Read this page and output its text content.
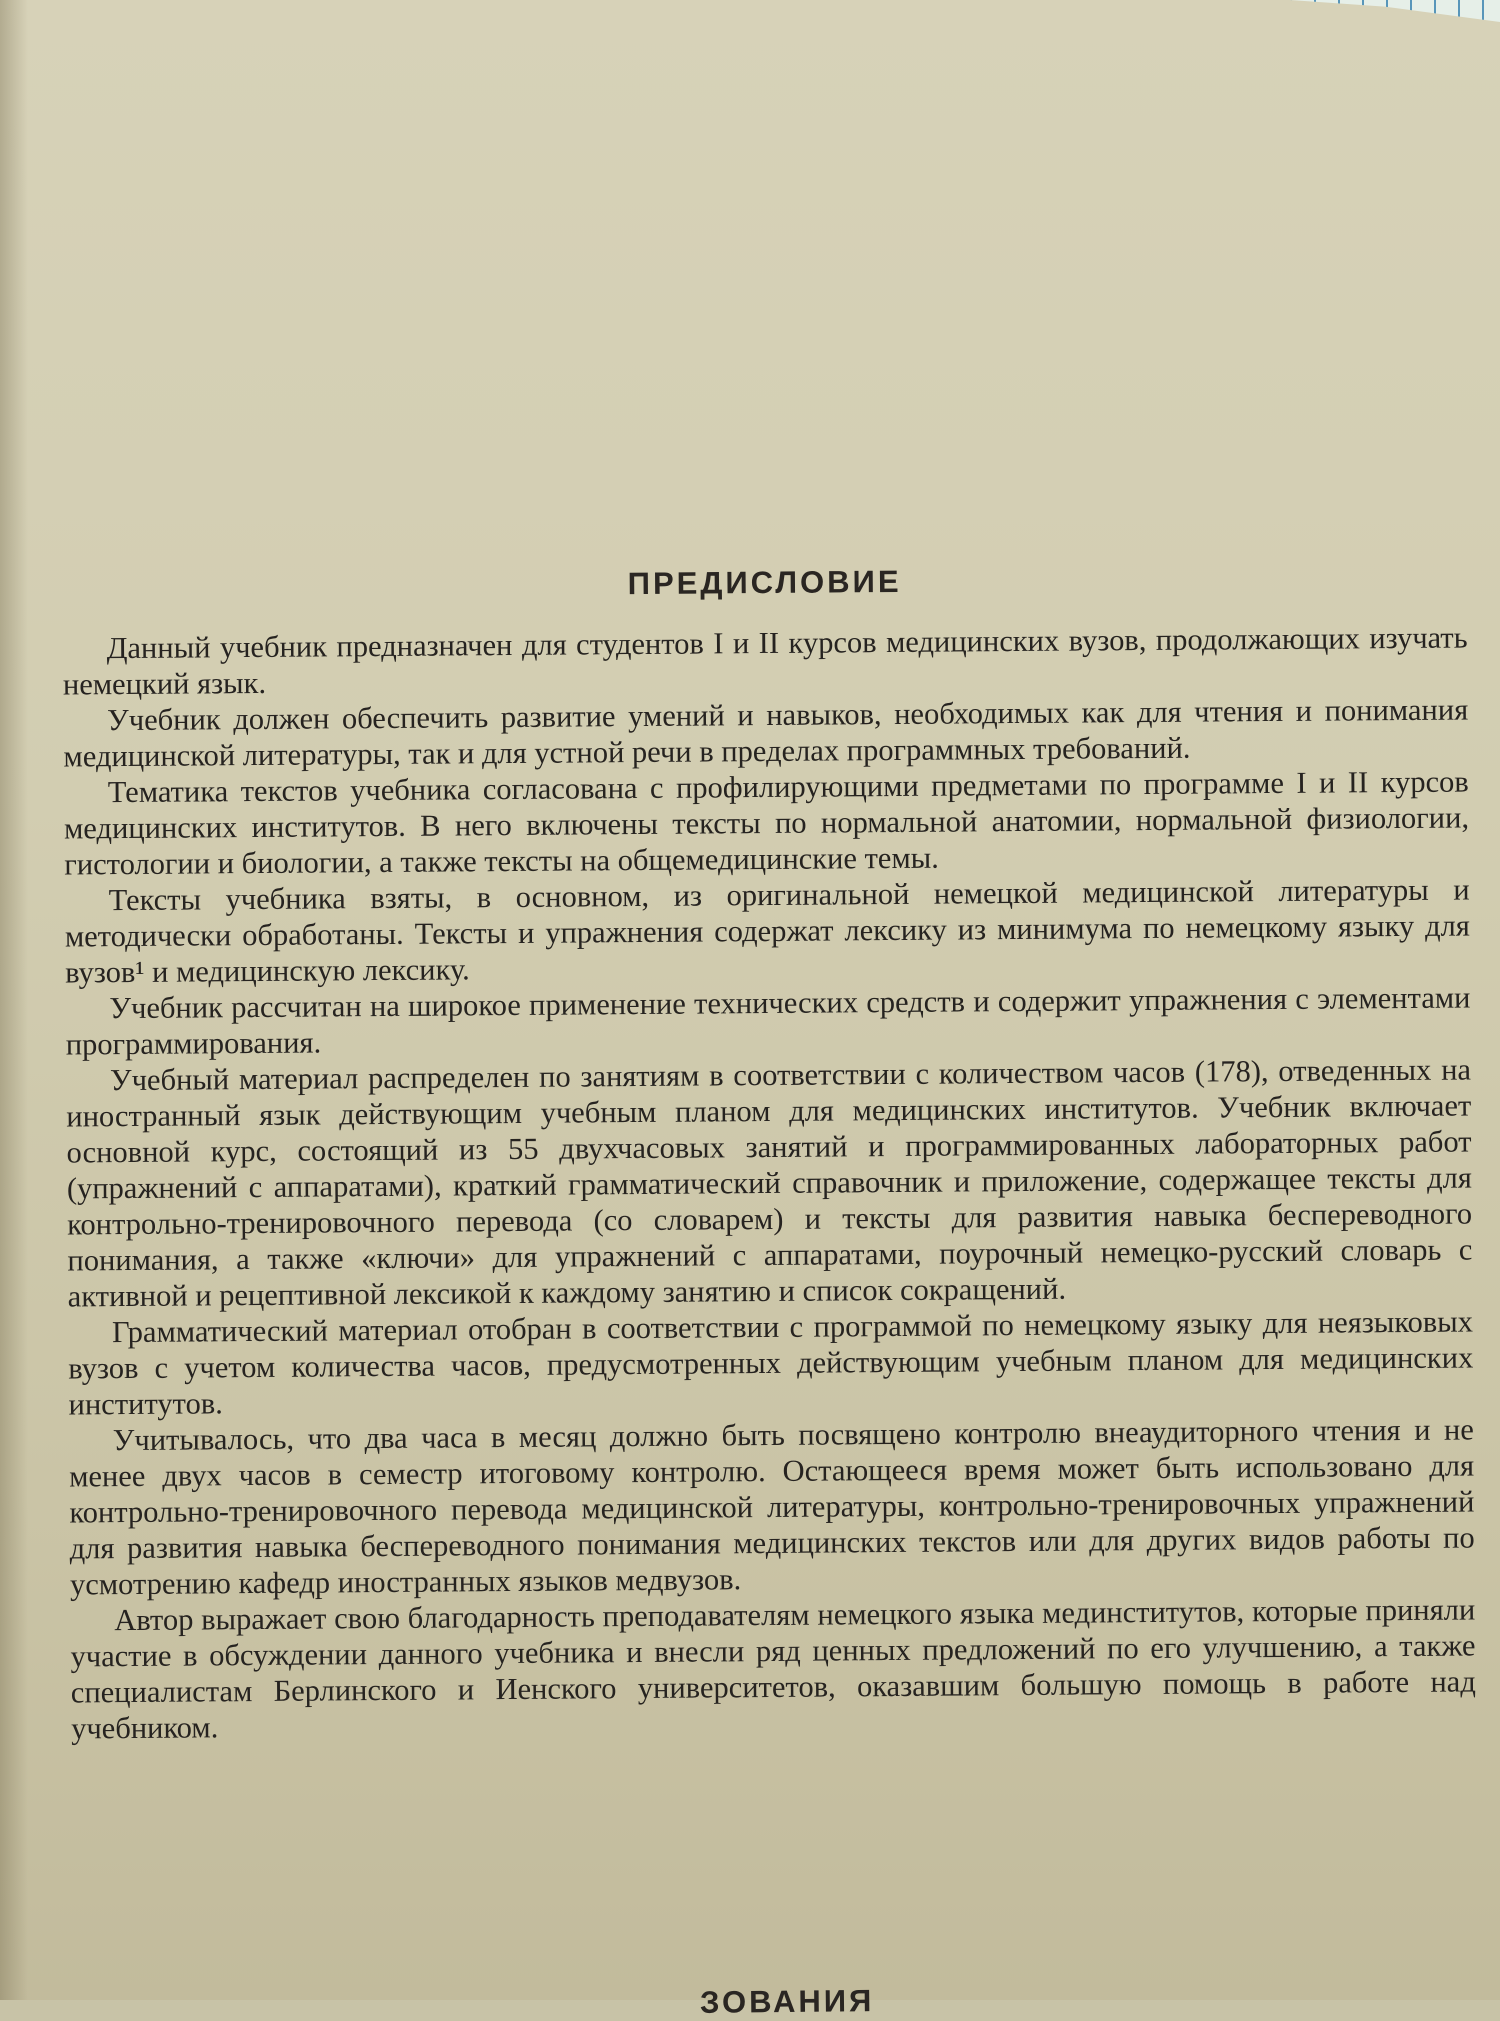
ПРЕДИСЛОВИЕ

Данный учебник предназначен для студентов I и II курсов медицинских вузов, продолжающих изучать немецкий язык.

Учебник должен обеспечить развитие умений и навыков, необходимых как для чтения и понимания медицинской литературы, так и для устной речи в пределах программных требований.

Тематика текстов учебника согласована с профилирующими предметами по программе I и II курсов медицинских институтов. В него включены тексты по нормальной анатомии, нормальной физиологии, гистологии и биологии, а также тексты на общемедицинские темы.

Тексты учебника взяты, в основном, из оригинальной немецкой медицинской литературы и методически обработаны. Тексты и упражнения содержат лексику из минимума по немецкому языку для вузов¹ и медицинскую лексику.

Учебник рассчитан на широкое применение технических средств и содержит упражнения с элементами программирования.

Учебный материал распределен по занятиям в соответствии с количеством часов (178), отведенных на иностранный язык действующим учебным планом для медицинских институтов. Учебник включает основной курс, состоящий из 55 двухчасовых занятий и программированных лабораторных работ (упражнений с аппаратами), краткий грамматический справочник и приложение, содержащее тексты для контрольно-тренировочного перевода (со словарем) и тексты для развития навыка беспереводного понимания, а также «ключи» для упражнений с аппаратами, поурочный немецко-русский словарь с активной и рецептивной лексикой к каждому занятию и список сокращений.

Грамматический материал отобран в соответствии с программой по немецкому языку для неязыковых вузов с учетом количества часов, предусмотренных действующим учебным планом для медицинских институтов.

Учитывалось, что два часа в месяц должно быть посвящено контролю внеаудиторного чтения и не менее двух часов в семестр итоговому контролю. Остающееся время может быть использовано для контрольно-тренировочного перевода медицинской литературы, контрольно-тренировочных упражнений для развития навыка беспереводного понимания медицинских текстов или для других видов работы по усмотрению кафедр иностранных языков медвузов.

Автор выражает свою благодарность преподавателям немецкого языка мединститутов, которые приняли участие в обсуждении данного учебника и внесли ряд ценных предложений по его улучшению, а также специалистам Берлинского и Иенского университетов, оказавшим большую помощь в работе над учебником.

ЗОВАНИЯ
